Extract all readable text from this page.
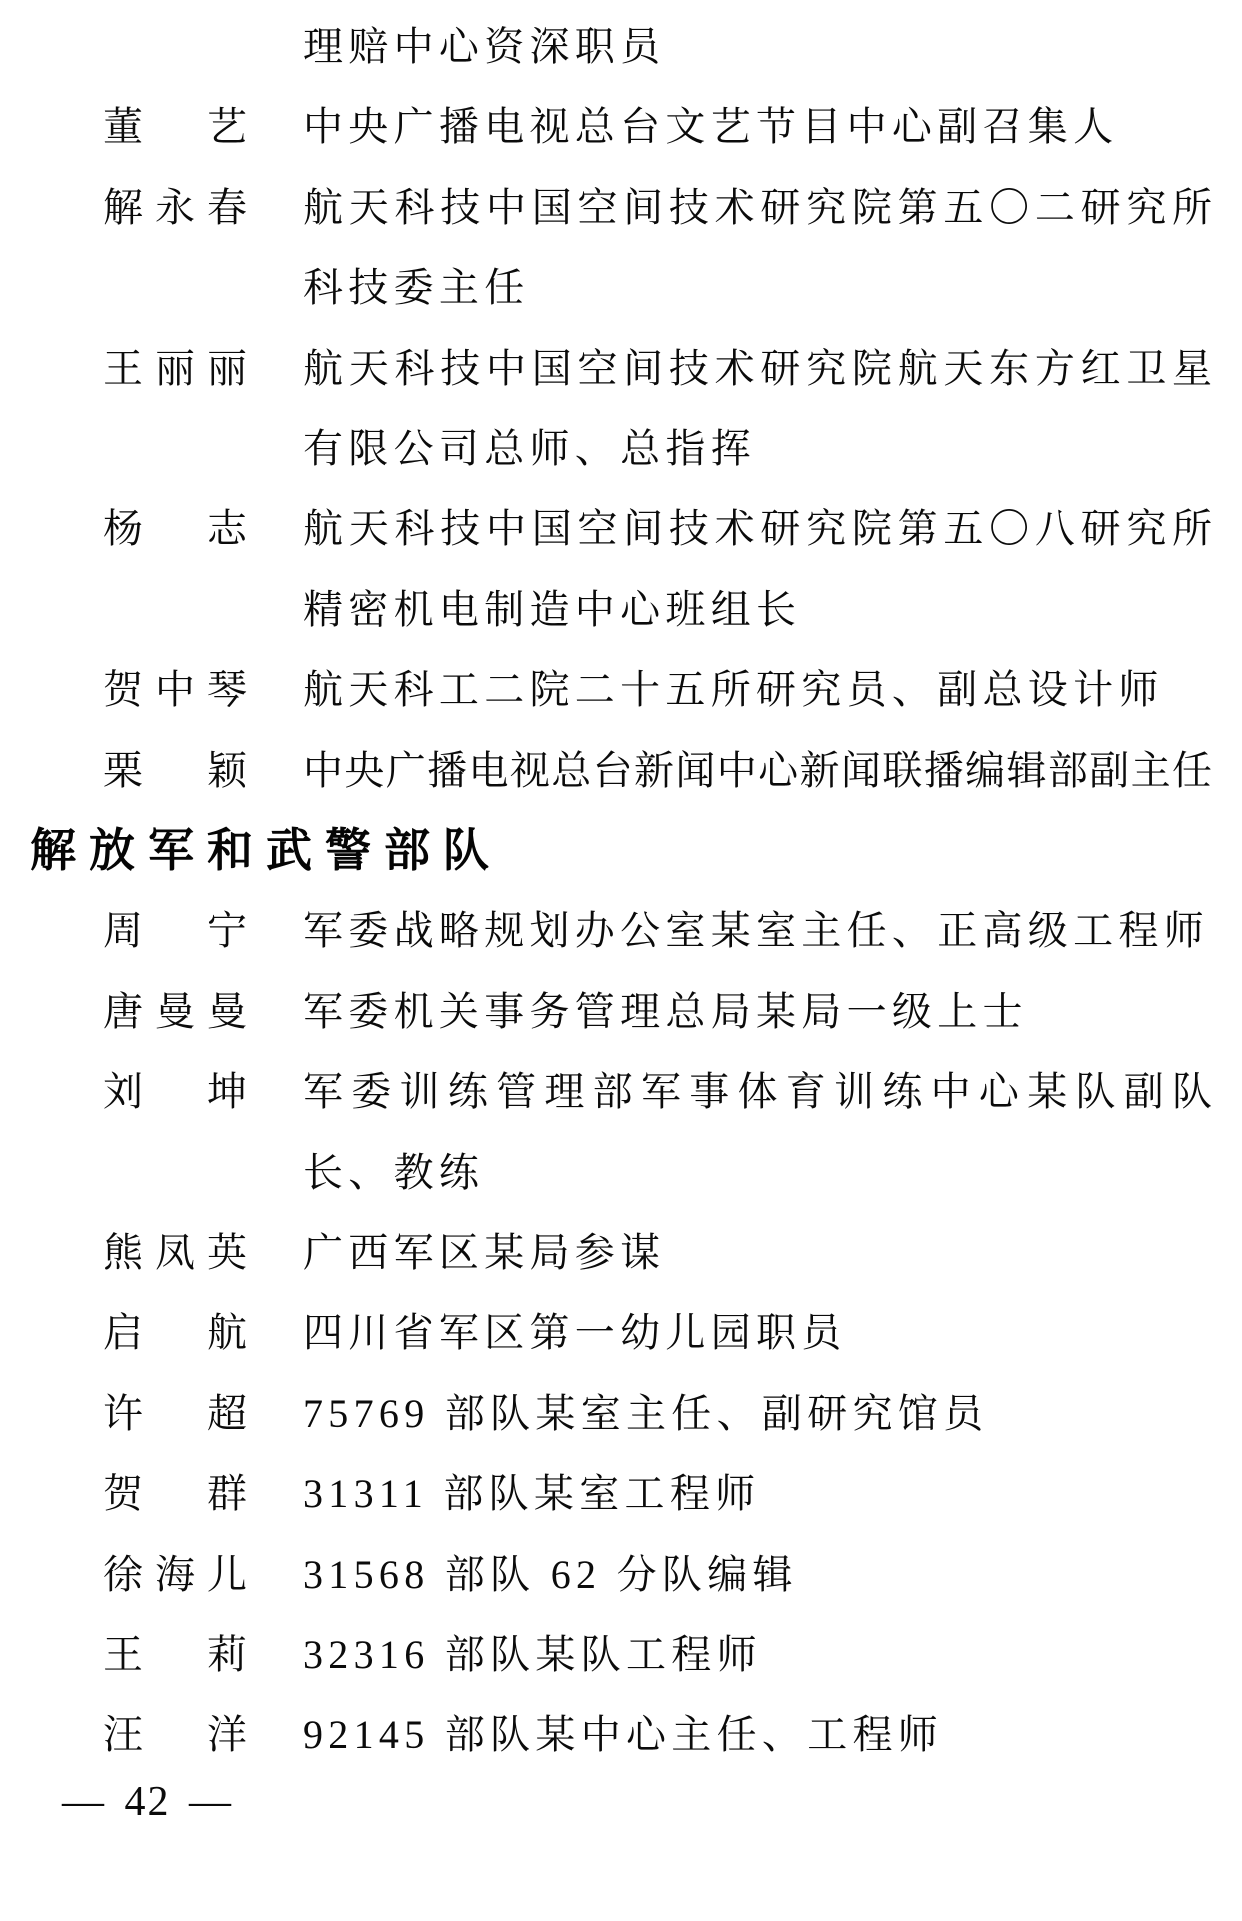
理赔中心资深职员
董艺
中央广播电视总台文艺节目中心副召集人
解永春 航天科技中国空间技术研究院第五〇二研究所
科技委主任
王丽丽 航天科技中国空间技术研究院航天东方红卫星
有限公司总师、总指挥
杨志
航天科技中国空间技术研究院第五〇八研究所
精密机电制造中心班组长
贺中琴 航天科工二院二十五所研究员、副总设计师
栗颖
中央广播电视总台新闻中心新闻联播编辑部副主任
解放军和武警部队
周宁
军委战略规划办公室某室主任、正高级工程师
唐曼曼 军委机关事务管理总局某局一级上士
刘坤
军委训练管理部军事体育训练中心某队副队
长、教练
熊凤英 广西军区某局参谋
启航
四川省军区第一幼儿园职员
许超
75769 部队某室主任、副研究馆员
贺群
31311 部队某室工程师
徐海儿 31568 部队 62 分队编辑
王莉
32316 部队某队工程师
汪洋
92145 部队某中心主任、工程师
— 42 —
